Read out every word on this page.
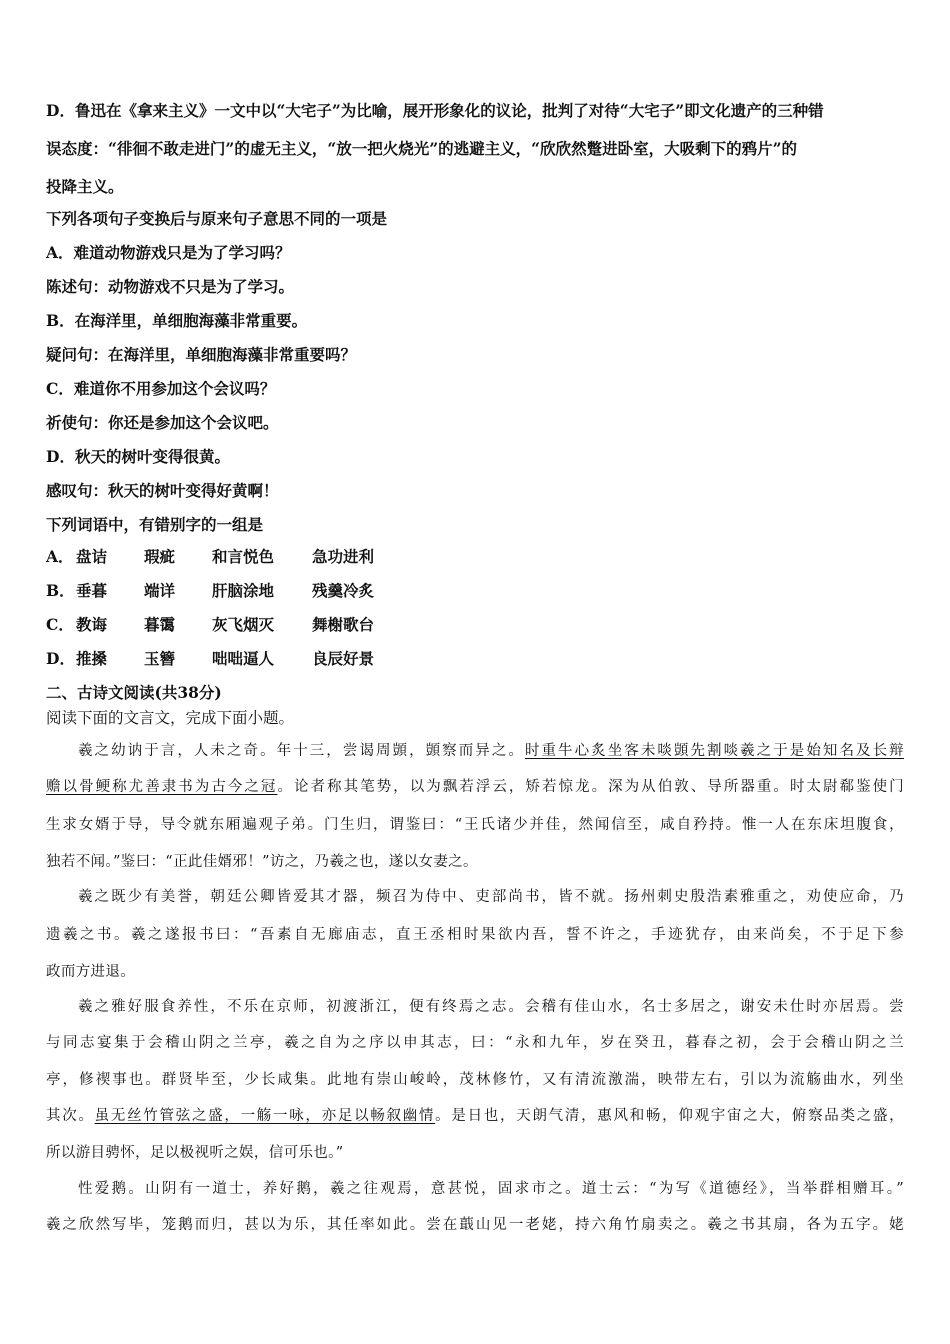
D．鲁迅在《拿来主义》一文中以“大宅子”为比喻，展开形象化的议论，批判了对待“大宅子”即文化遗产的三种错
误态度：“徘徊不敢走进门”的虚无主义，“放一把火烧光”的逃避主义，“欣欣然蹩进卧室，大吸剩下的鸦片”的
投降主义。
下列各项句子变换后与原来句子意思不同的一项是
A．难道动物游戏只是为了学习吗？
陈述句：动物游戏不只是为了学习。
B．在海洋里，单细胞海藻非常重要。
疑问句：在海洋里，单细胞海藻非常重要吗？
C．难道你不用参加这个会议吗？
祈使句：你还是参加这个会议吧。
D．秋天的树叶变得很黄。
感叹句：秋天的树叶变得好黄啊！
下列词语中，有错别字的一组是
A． 盘诘 瑕疵 和言悦色 急功进利
B．垂暮 端详 肝脑涂地 残羹冷炙
C． 教诲 暮霭 灰飞烟灭 舞榭歌台
D．推搡 玉簪 咄咄逼人 良辰好景
二、古诗文阅读(共38分)
阅读下面的文言文，完成下面小题。
羲之幼讷于言，人未之奇。年十三，尝谒周顗，顗察而异之。时重牛心炙坐客未啖顗先割啖羲之于是始知名及长辩
赡以骨鲠称尤善隶书为古今之冠。论者称其笔势，以为飘若浮云，矫若惊龙。深为从伯敦、导所器重。时太尉郗鉴使门
生求女婿于导，导令就东厢遍观子弟。门生归，谓鉴曰：“王氏诸少并佳，然闻信至，咸自矜持。惟一人在东床坦腹食，
独若不闻。”鉴曰：“正此佳婿邪！”访之，乃羲之也，遂以女妻之。
羲之既少有美誉，朝廷公卿皆爱其才器，频召为侍中、吏部尚书，皆不就。扬州刺史殷浩素雅重之，劝使应命，乃
遗羲之书。羲之遂报书曰：“吾素自无廊庙志，直王丞相时果欲内吾，誓不许之，手迹犹存，由来尚矣，不于足下参
政而方进退。
羲之雅好服食养性，不乐在京师，初渡浙江，便有终焉之志。会稽有佳山水，名士多居之，谢安未仕时亦居焉。尝
与同志宴集于会稽山阴之兰亭，羲之自为之序以申其志，曰：“永和九年，岁在癸丑，暮春之初，会于会稽山阴之兰
亭，修禊事也。群贤毕至，少长咸集。此地有崇山峻岭，茂林修竹，又有清流激湍，映带左右，引以为流觞曲水，列坐
其次。虽无丝竹管弦之盛，一觞一咏，亦足以畅叙幽情。是日也，天朗气清，惠风和畅，仰观宇宙之大，俯察品类之盛，
所以游目骋怀，足以极视听之娱，信可乐也。”
性爱鹅。山阴有一道士，养好鹅，羲之往观焉，意甚悦，固求市之。道士云：“为写《道德经》，当举群相赠耳。”
羲之欣然写毕，笼鹅而归，甚以为乐，其任率如此。尝在蕺山见一老姥，持六角竹扇卖之。羲之书其扇，各为五字。姥
